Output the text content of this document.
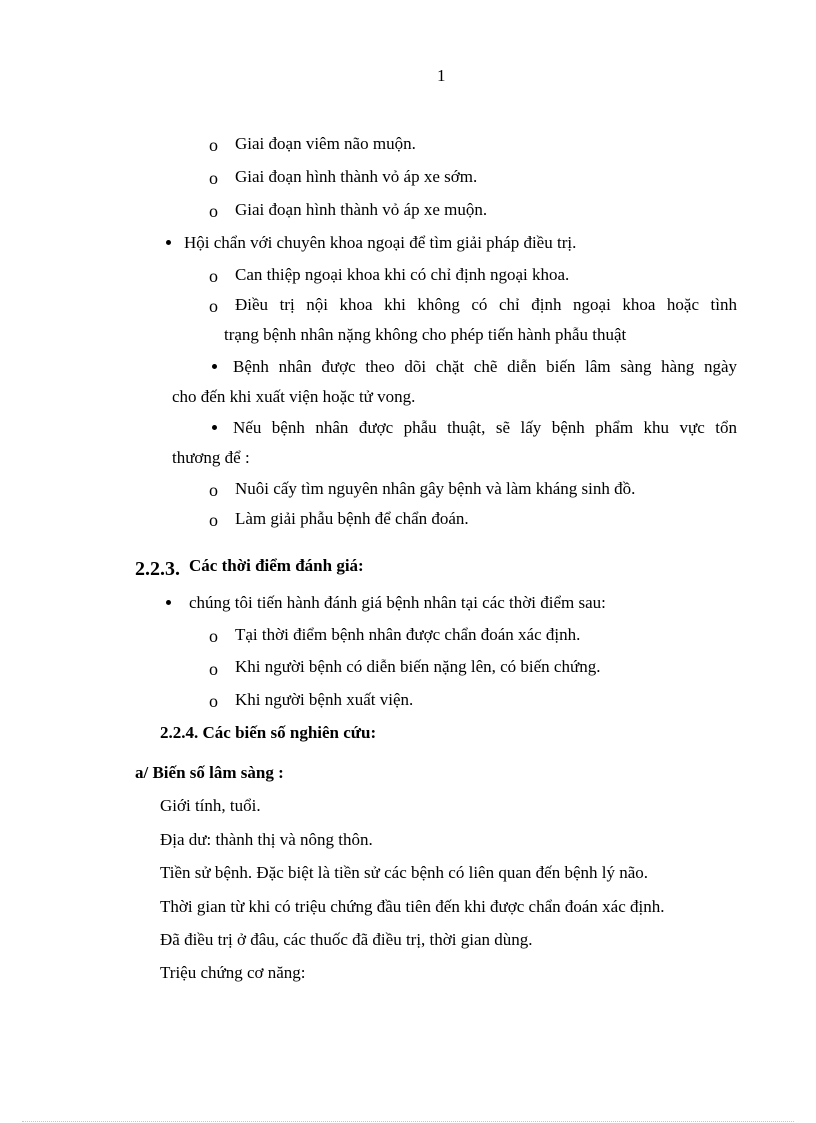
1
o Giai đoạn viêm não muộn.
o Giai đoạn hình thành vỏ áp xe sớm.
o Giai đoạn hình thành vỏ áp xe muộn.
Hội chẩn với chuyên khoa ngoại để tìm giải pháp điều trị.
o Can thiệp ngoại khoa khi có chỉ định ngoại khoa.
o Điều trị nội khoa khi không có chỉ định ngoại khoa hoặc tình
trạng bệnh nhân nặng không cho phép tiến hành phẫu thuật
Bệnh nhân được theo dõi chặt chẽ diễn biến lâm sàng hàng ngày
cho đến khi xuất viện hoặc tử vong.
Nếu bệnh nhân được phẫu thuật, sẽ lấy bệnh phẩm khu vực tổn
thương để :
o Nuôi cấy tìm nguyên nhân gây bệnh và làm kháng sinh đồ.
o Làm giải phẫu bệnh để chẩn đoán.
2.2.3. Các thời điểm đánh giá:
chúng tôi tiến hành đánh giá bệnh nhân tại các thời điểm sau:
o Tại thời điểm bệnh nhân được chẩn đoán xác định.
o Khi người bệnh có diễn biến nặng lên, có biến chứng.
o Khi người bệnh xuất viện.
2.2.4. Các biến số nghiên cứu:
a/ Biến số lâm sàng :
Giới tính, tuổi.
Địa dư: thành thị và nông thôn.
Tiền sử bệnh. Đặc biệt là tiền sử các bệnh có liên quan đến bệnh lý não.
Thời gian từ khi có triệu chứng đầu tiên đến khi được chẩn đoán xác định.
Đã điều trị ở đâu, các thuốc đã điều trị, thời gian dùng.
Triệu chứng cơ năng:
